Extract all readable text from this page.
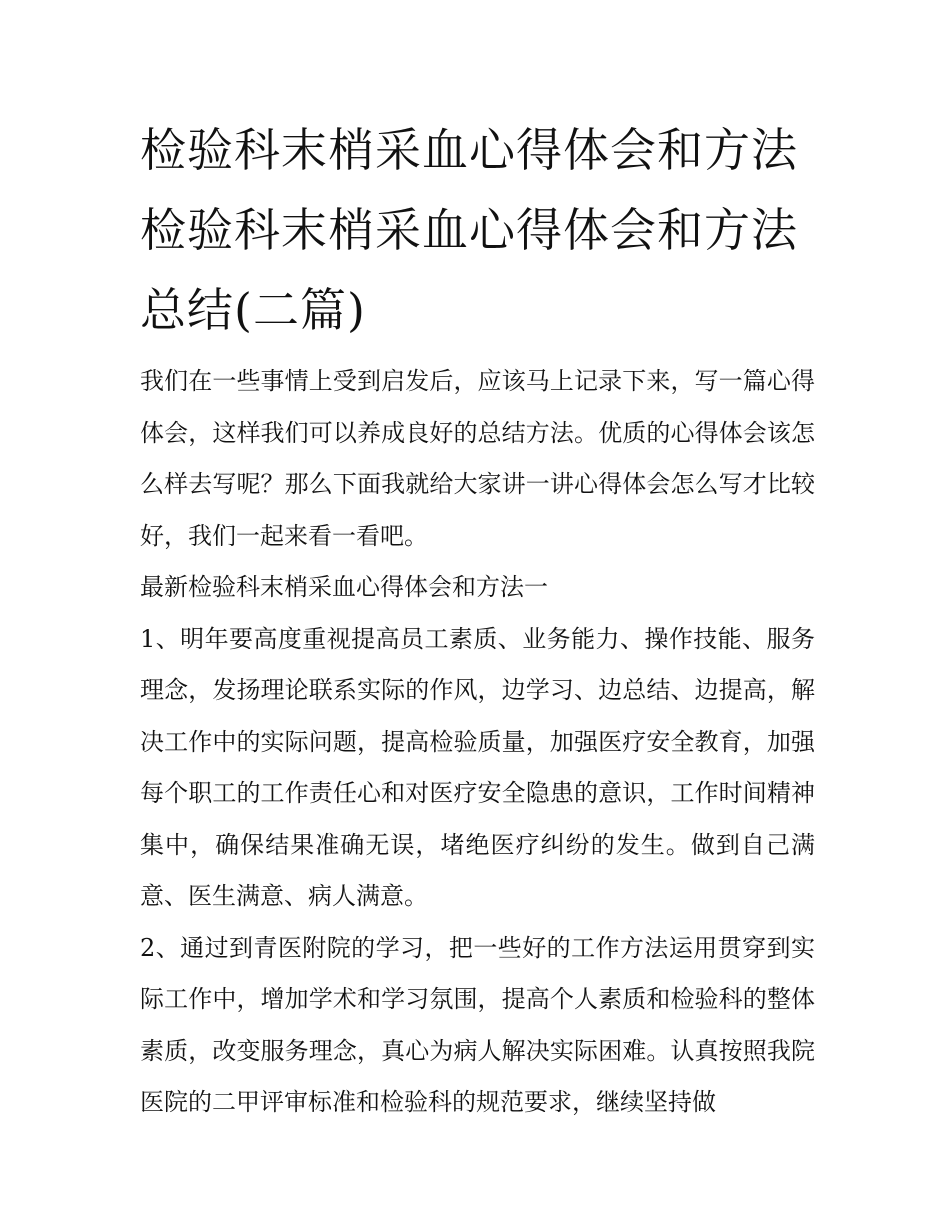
检验科末梢采血心得体会和方法 检验科末梢采血心得体会和方法总结(二篇)

我们在一些事情上受到启发后，应该马上记录下来，写一篇心得体会，这样我们可以养成良好的总结方法。优质的心得体会该怎么样去写呢？那么下面我就给大家讲一讲心得体会怎么写才比较好，我们一起来看一看吧。

最新检验科末梢采血心得体会和方法一

1、明年要高度重视提高员工素质、业务能力、操作技能、服务理念，发扬理论联系实际的作风，边学习、边总结、边提高，解决工作中的实际问题，提高检验质量，加强医疗安全教育，加强每个职工的工作责任心和对医疗安全隐患的意识，工作时间精神集中，确保结果准确无误，堵绝医疗纠纷的发生。做到自己满意、医生满意、病人满意。

2、通过到青医附院的学习，把一些好的工作方法运用贯穿到实际工作中，增加学术和学习氛围，提高个人素质和检验科的整体素质，改变服务理念，真心为病人解决实际困难。认真按照我院医院的二甲评审标准和检验科的规范要求，继续坚持做
